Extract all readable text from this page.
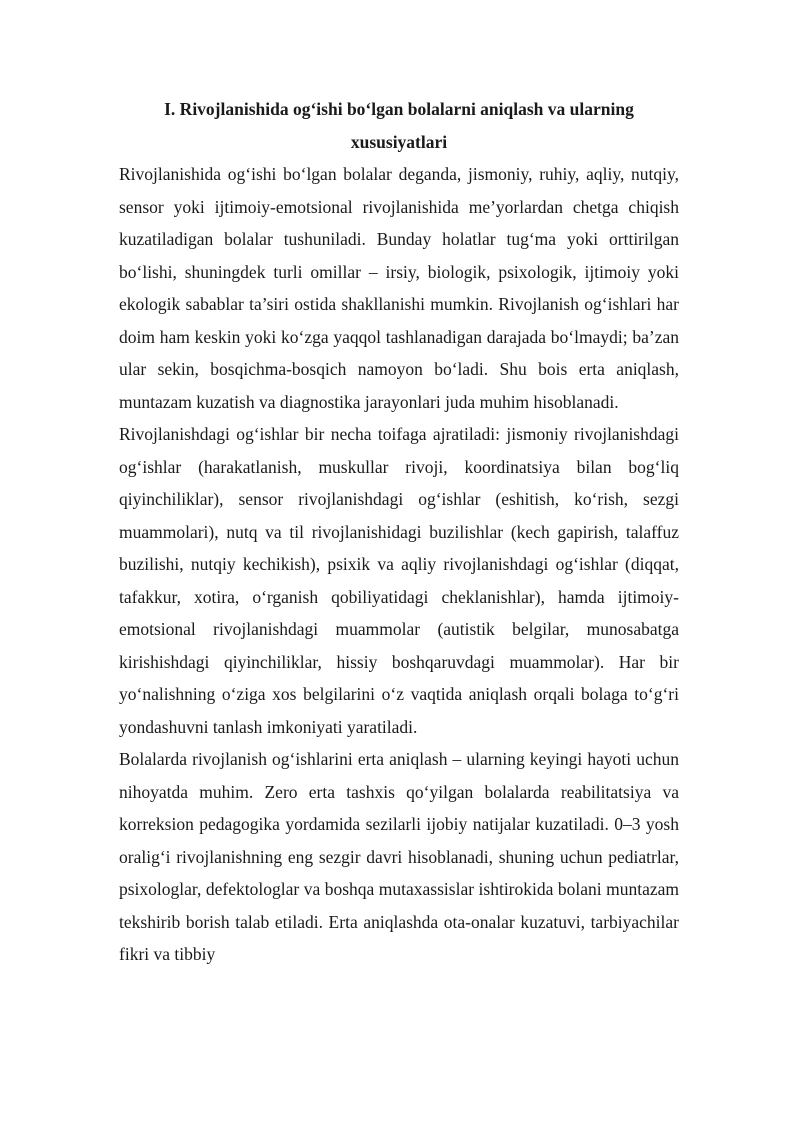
I. Rivojlanishida og‘ishi bo‘lgan bolalarni aniqlash va ularning xususiyatlari

Rivojlanishida og‘ishi bo‘lgan bolalar deganda, jismoniy, ruhiy, aqliy, nutqiy, sensor yoki ijtimoiy-emotsional rivojlanishida me’yorlardan chetga chiqish kuzatiladigan bolalar tushuniladi. Bunday holatlar tug‘ma yoki orttirilgan bo‘lishi, shuningdek turli omillar – irsiy, biologik, psixologik, ijtimoiy yoki ekologik sabablar ta’siri ostida shakllanishi mumkin. Rivojlanish og‘ishlari har doim ham keskin yoki ko‘zga yaqqol tashlanadigan darajada bo‘lmaydi; ba’zan ular sekin, bosqichma-bosqich namoyon bo‘ladi. Shu bois erta aniqlash, muntazam kuzatish va diagnostika jarayonlari juda muhim hisoblanadi.

Rivojlanishdagi og‘ishlar bir necha toifaga ajratiladi: jismoniy rivojlanishdagi og‘ishlar (harakatlanish, muskullar rivoji, koordinatsiya bilan bog‘liq qiyinchiliklar), sensor rivojlanishdagi og‘ishlar (eshitish, ko‘rish, sezgi muammolari), nutq va til rivojlanishidagi buzilishlar (kech gapirish, talaffuz buzilishi, nutqiy kechikish), psixik va aqliy rivojlanishdagi og‘ishlar (diqqat, tafakkur, xotira, o‘rganish qobiliyatidagi cheklanishlar), hamda ijtimoiy-emotsional rivojlanishdagi muammolar (autistik belgilar, munosabatga kirishishdagi qiyinchiliklar, hissiy boshqaruvdagi muammolar). Har bir yo‘nalishning o‘ziga xos belgilarini o‘z vaqtida aniqlash orqali bolaga to‘g‘ri yondashuvni tanlash imkoniyati yaratiladi.

Bolalarda rivojlanish og‘ishlarini erta aniqlash – ularning keyingi hayoti uchun nihoyatda muhim. Zero erta tashxis qo‘yilgan bolalarda reabilitatsiya va korreksion pedagogika yordamida sezilarli ijobiy natijalar kuzatiladi. 0–3 yosh oralig‘i rivojlanishning eng sezgir davri hisoblanadi, shuning uchun pediatrlar, psixologlar, defektologlar va boshqa mutaxassislar ishtirokida bolani muntazam tekshirib borish talab etiladi. Erta aniqlashda ota-onalar kuzatuvi, tarbiyachilar fikri va tibbiy
